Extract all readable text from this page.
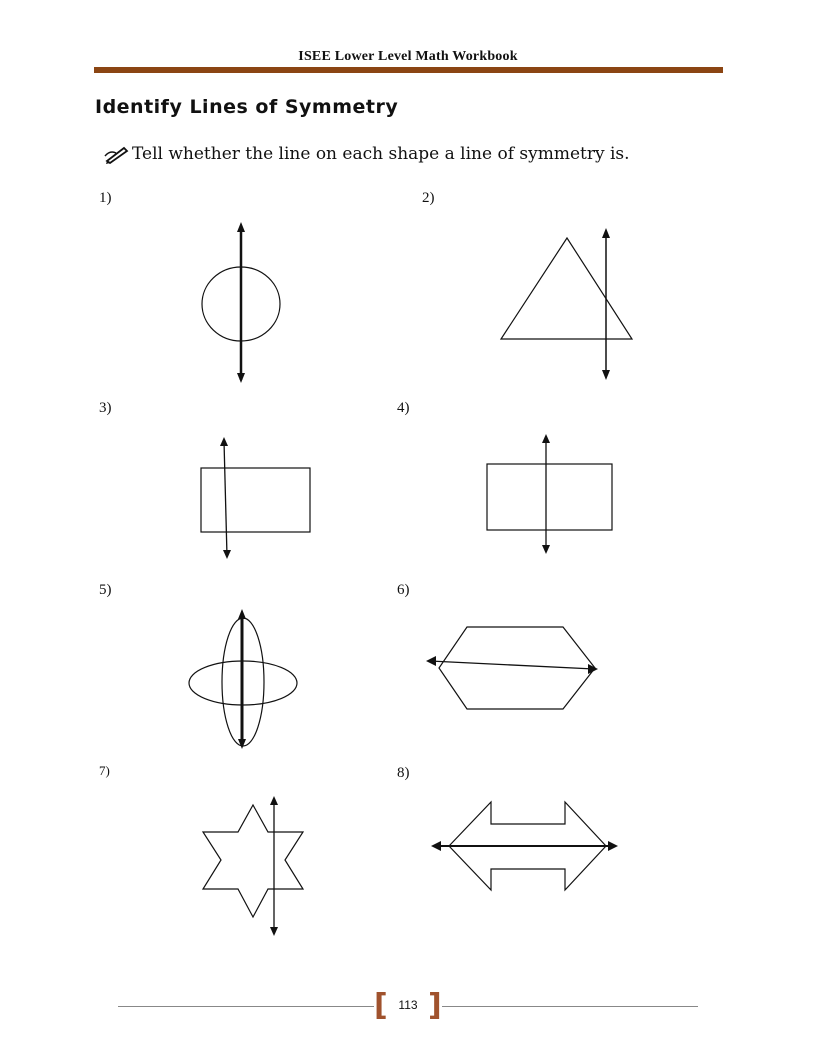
ISEE Lower Level Math Workbook
Identify Lines of Symmetry
Tell whether the line on each shape a line of symmetry is.
1)	2)
3)	4)
5)	6)
7)	8)
[ ]
113
